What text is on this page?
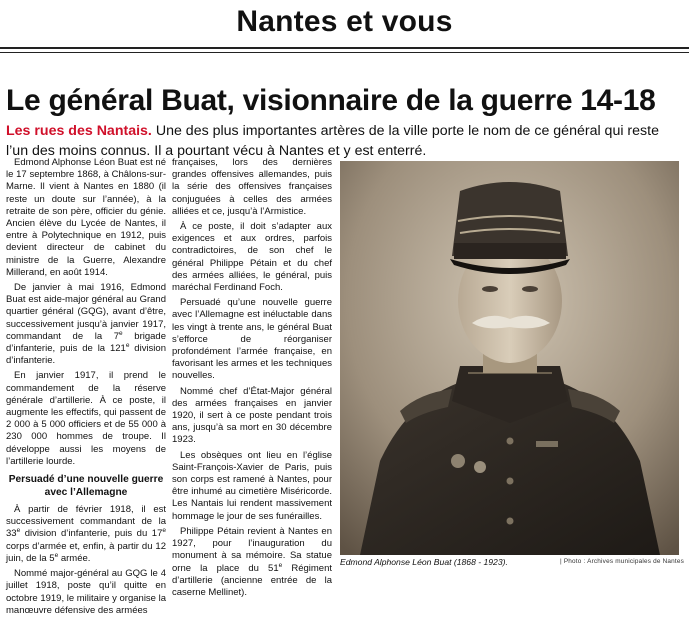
Nantes et vous
Le général Buat, visionnaire de la guerre 14-18
Les rues des Nantais. Une des plus importantes artères de la ville porte le nom de ce général qui reste l’un des moins connus. Il a pourtant vécu à Nantes et y est enterré.

Edmond Alphonse Léon Buat est né le 17 septembre 1868, à Châlons-sur-Marne. Il vient à Nantes en 1880 (il reste un doute sur l’année), à la retraite de son père, officier du génie. Ancien élève du Lycée de Nantes, il entre à Polytechnique en 1912, puis devient directeur de cabinet du ministre de la Guerre, Alexandre Millerand, en août 1914.

De janvier à mai 1916, Edmond Buat est aide-major général au Grand quartier général (GQG), avant d’être, successivement jusqu’à janvier 1917, commandant de la 7e brigade d’infanterie, puis de la 121e division d’infanterie.

En janvier 1917, il prend le commandement de la réserve générale d’artillerie. À ce poste, il augmente les effectifs, qui passent de 2 000 à 5 000 officiers et de 55 000 à 230 000 hommes de troupe. Il développe aussi les moyens de l’artillerie lourde.

Persuadé d’une nouvelle guerre avec l’Allemagne

À partir de février 1918, il est successivement commandant de la 33e division d’infanterie, puis du 17e corps d’armée et, enfin, à partir du 12 juin, de la 5e armée.

Nommé major-général au GQG le 4 juillet 1918, poste qu’il quitte en octobre 1919, le militaire y organise la manœuvre défensive des armées

françaises, lors des dernières grandes offensives allemandes, puis la série des offensives françaises conjuguées à celles des armées alliées et ce, jusqu’à l’Armistice.

À ce poste, il doit s’adapter aux exigences et aux ordres, parfois contradictoires, de son chef le général Philippe Pétain et du chef des armées alliées, le général, puis maréchal Ferdinand Foch.

Persuadé qu’une nouvelle guerre avec l’Allemagne est inéluctable dans les vingt à trente ans, le général Buat s’efforce de réorganiser profondément l’armée française, en favorisant les armes et les techniques nouvelles.

Nommé chef d’État-Major général des armées françaises en janvier 1920, il sert à ce poste pendant trois ans, jusqu’à sa mort en 30 décembre 1923.

Les obsèques ont lieu en l’église Saint-François-Xavier de Paris, puis son corps est ramené à Nantes, pour être inhumé au cimetière Miséricorde. Les Nantais lui rendent massivement hommage le jour de ses funérailles.

Philippe Pétain revient à Nantes en 1927, pour l’inauguration du monument à sa mémoire. Sa statue orne la place du 51e Régiment d’artillerie (ancienne entrée de la caserne Mellinet).

Edmond Alphonse Léon Buat (1868 - 1923).	| Photo : Archives municipales de Nantes
